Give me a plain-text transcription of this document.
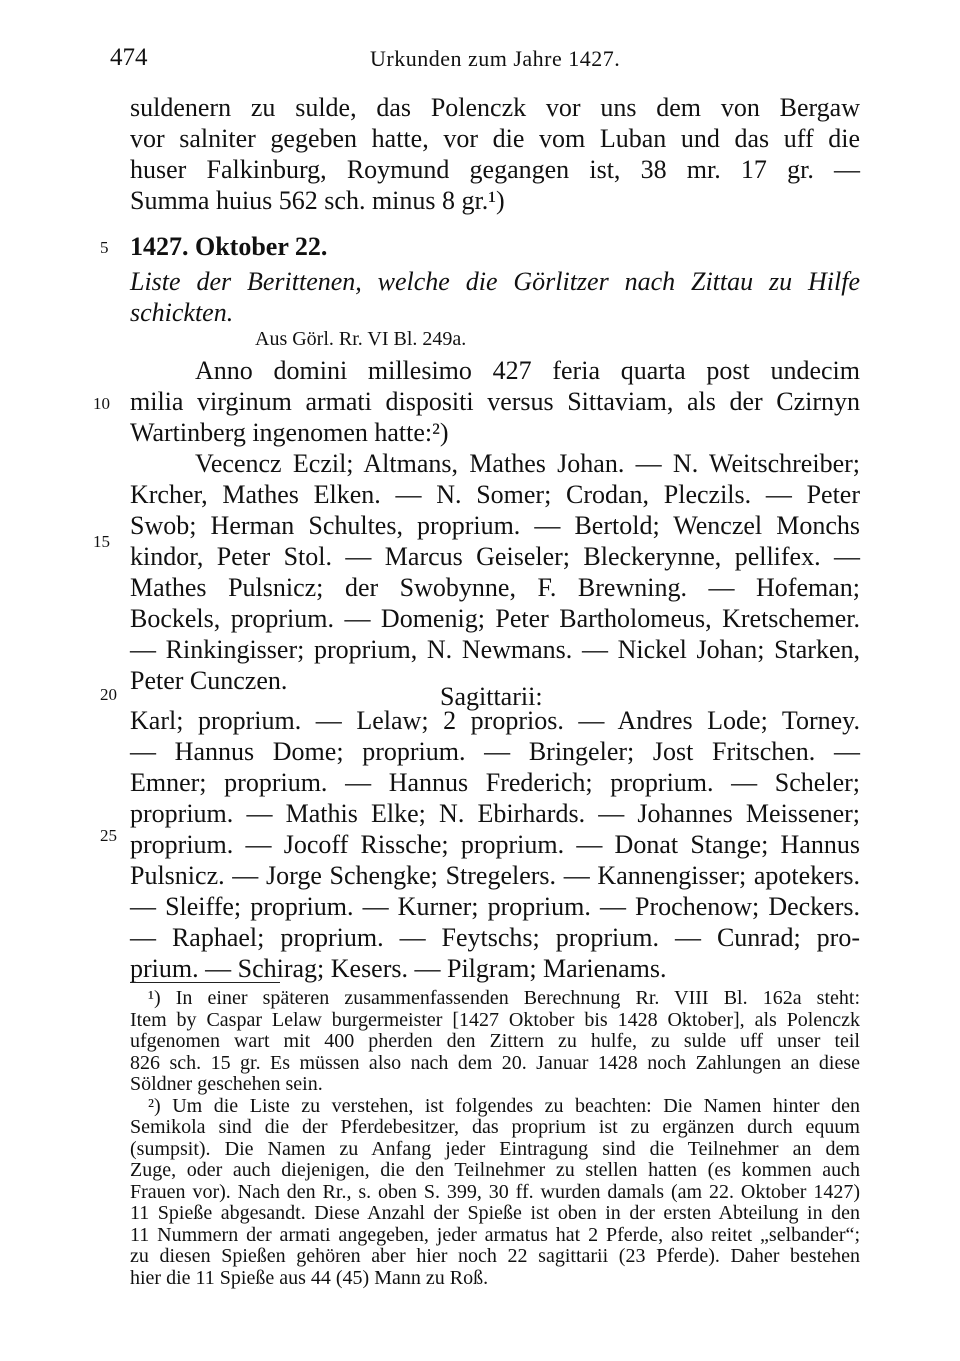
474	Urkunden zum Jahre 1427.
suldenern zu sulde, das Polenczk vor uns dem von Bergaw
vor salniter gegeben hatte, vor die vom Luban und das uff die
huser Falkinburg, Roymund gegangen ist, 38 mr. 17 gr. —
Summa huius 562 sch. minus 8 gr.¹)
5
10
15
20
25
1427. Oktober 22.
Liste der Berittenen, welche die Görlitzer nach Zittau zu Hilfe
schickten.
Aus Görl. Rr. VI Bl. 249a.
Anno domini millesimo 427 feria quarta post undecim
milia virginum armati dispositi versus Sittaviam, als der Czirnyn
Wartinberg ingenomen hatte:²)
Vecencz Eczil; Altmans, Mathes Johan. — N. Weitschreiber;
Krcher, Mathes Elken. — N. Somer; Crodan, Pleczils. — Peter
Swob; Herman Schultes, proprium. — Bertold; Wenczel Monchs
kindor, Peter Stol. — Marcus Geiseler; Bleckerynne, pellifex. —
Mathes Pulsnicz; der Swobynne, F. Brewning. — Hofeman;
Bockels, proprium. — Domenig; Peter Bartholomeus, Kretschemer.
— Rinkingisser; proprium, N. Newmans. — Nickel Johan; Starken,
Peter Cunczen.
Sagittarii:
Karl; proprium. — Lelaw; 2 proprios. — Andres Lode; Torney.
— Hannus Dome; proprium. — Bringeler; Jost Fritschen. —
Emner; proprium. — Hannus Frederich; proprium. — Scheler;
proprium. — Mathis Elke; N. Ebirhards. — Johannes Meissener;
proprium. — Jocoff Rissche; proprium. — Donat Stange; Hannus
Pulsnicz. — Jorge Schengke; Stregelers. — Kannengisser; apotekers.
— Sleiffe; proprium. — Kurner; proprium. — Prochenow; Deckers.
— Raphael; proprium. — Feytschs; proprium. — Cunrad; pro-
prium. — Schirag; Kesers. — Pilgram; Marienams.
¹) In einer späteren zusammenfassenden Berechnung Rr. VIII Bl. 162a steht:
Item by Caspar Lelaw burgermeister [1427 Oktober bis 1428 Oktober], als Polenczk
ufgenomen wart mit 400 pherden den Zittern zu hulfe, zu sulde uff unser teil
826 sch. 15 gr. Es müssen also nach dem 20. Januar 1428 noch Zahlungen an diese
Söldner geschehen sein.
²) Um die Liste zu verstehen, ist folgendes zu beachten: Die Namen hinter den
Semikola sind die der Pferdebesitzer, das proprium ist zu ergänzen durch equum
(sumpsit). Die Namen zu Anfang jeder Eintragung sind die Teilnehmer an dem
Zuge, oder auch diejenigen, die den Teilnehmer zu stellen hatten (es kommen auch
Frauen vor). Nach den Rr., s. oben S. 399, 30 ff. wurden damals (am 22. Oktober 1427)
11 Spieße abgesandt. Diese Anzahl der Spieße ist oben in der ersten Abteilung in den
11 Nummern der armati angegeben, jeder armatus hat 2 Pferde, also reitet „selbander“;
zu diesen Spießen gehören aber hier noch 22 sagittarii (23 Pferde). Daher bestehen
hier die 11 Spieße aus 44 (45) Mann zu Roß.
